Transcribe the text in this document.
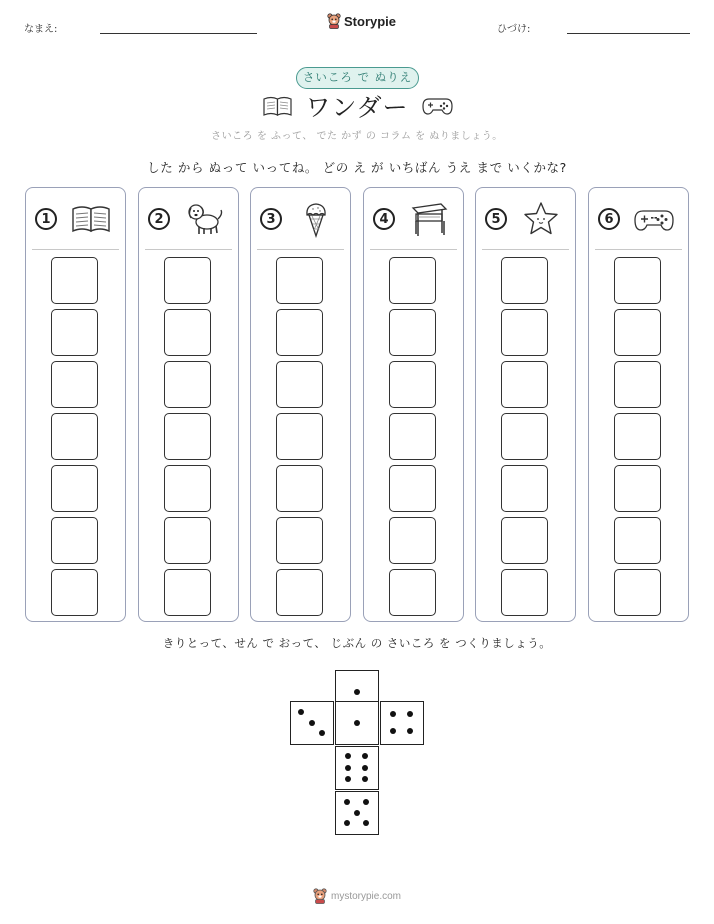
なまえ:
Storypie
ひづけ:
さいころ で ぬりえ
ワンダー
さいころ を ふって、 でた かず の コラム を ぬりましょう。
した から ぬって いってね。 どの え が いちばん うえ まで いくかな?
1	2	3	4	5	6
きりとって、せん で おって、 じぶん の さいころ を つくりましょう。
mystorypie.com
